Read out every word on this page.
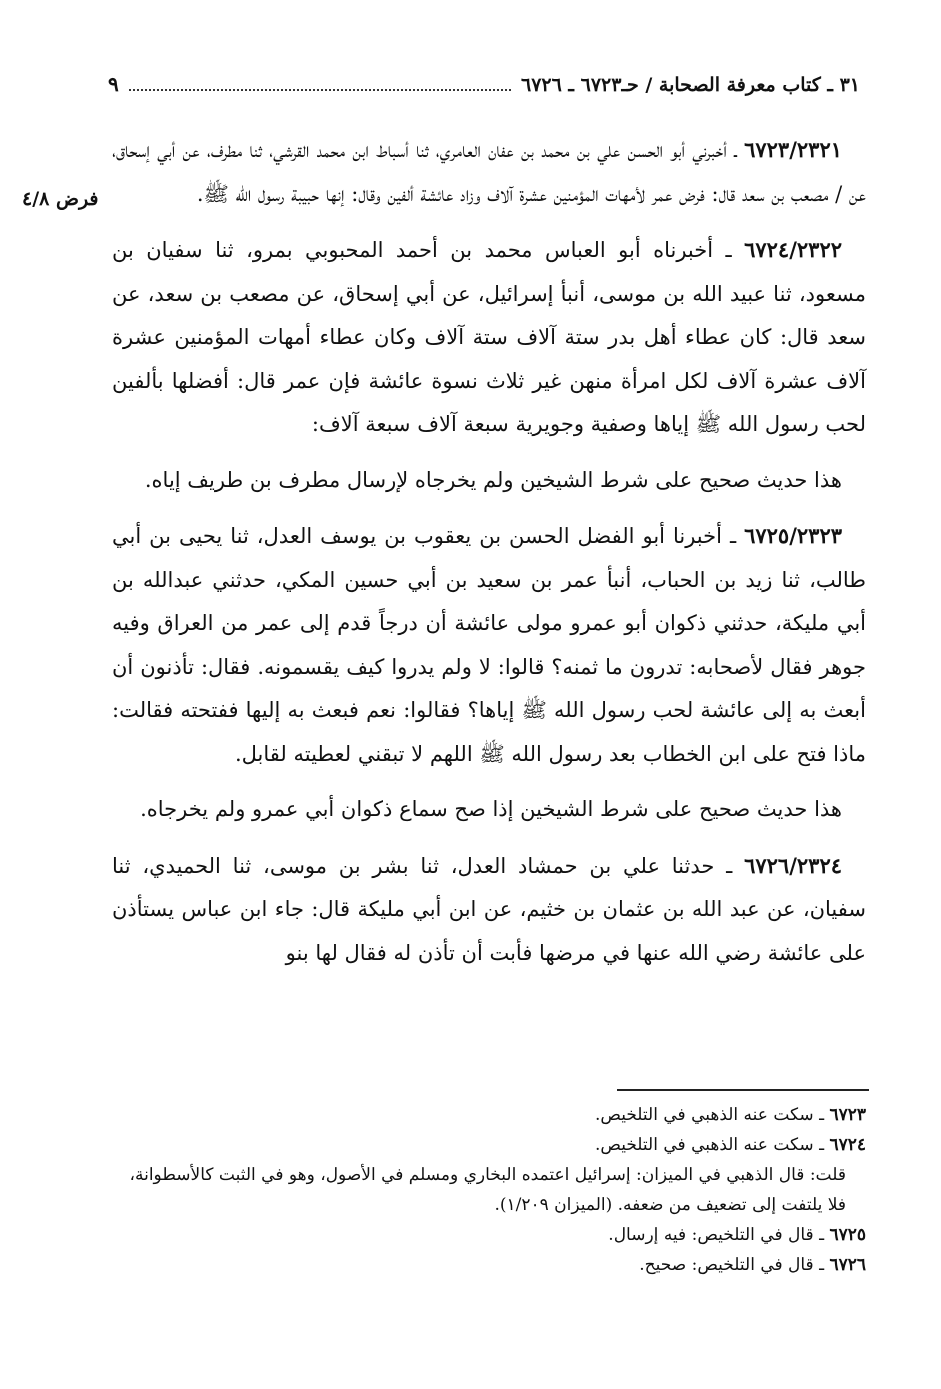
٣١ ـ كتاب معرفة الصحابة / حـ٦٧٢٣ ـ ٦٧٢٦
٩
فرض ٤/٨

٦٧٢٣/٢٣٢١ ـ أخبرني أبو الحسن علي بن محمد بن عفان العامري، ثنا أسباط ابن محمد القرشي، ثنا مطرف، عن أبي إسحاق، عن / مصعب بن سعد قال: فرض عمر لأمهات المؤمنين عشرة آلاف وزاد عائشة ألفين وقال: إنها حبيبة رسول الله ﷺ.

٦٧٢٤/٢٣٢٢ ـ أخبرناه أبو العباس محمد بن أحمد المحبوبي بمرو، ثنا سفيان بن مسعود، ثنا عبيد الله بن موسى، أنبأ إسرائيل، عن أبي إسحاق، عن مصعب بن سعد، عن سعد قال: كان عطاء أهل بدر ستة آلاف ستة آلاف وكان عطاء أمهات المؤمنين عشرة آلاف عشرة آلاف لكل امرأة منهن غير ثلاث نسوة عائشة فإن عمر قال: أفضلها بألفين لحب رسول الله ﷺ إياها وصفية وجويرية سبعة آلاف سبعة آلاف:

هذا حديث صحيح على شرط الشيخين ولم يخرجاه لإرسال مطرف بن طريف إياه.

٦٧٢٥/٢٣٢٣ ـ أخبرنا أبو الفضل الحسن بن يعقوب بن يوسف العدل، ثنا يحيى بن أبي طالب، ثنا زيد بن الحباب، أنبأ عمر بن سعيد بن أبي حسين المكي، حدثني عبدالله بن أبي مليكة، حدثني ذكوان أبو عمرو مولى عائشة أن درجاً قدم إلى عمر من العراق وفيه جوهر فقال لأصحابه: تدرون ما ثمنه؟ قالوا: لا ولم يدروا كيف يقسمونه. فقال: تأذنون أن أبعث به إلى عائشة لحب رسول الله ﷺ إياها؟ فقالوا: نعم فبعث به إليها ففتحته فقالت: ماذا فتح على ابن الخطاب بعد رسول الله ﷺ اللهم لا تبقني لعطيته لقابل.

هذا حديث صحيح على شرط الشيخين إذا صح سماع ذكوان أبي عمرو ولم يخرجاه.

٦٧٢٦/٢٣٢٤ ـ حدثنا علي بن حمشاد العدل، ثنا بشر بن موسى، ثنا الحميدي، ثنا سفيان، عن عبد الله بن عثمان بن خثيم، عن ابن أبي مليكة قال: جاء ابن عباس يستأذن على عائشة رضي الله عنها في مرضها فأبت أن تأذن له فقال لها بنو

٦٧٢٣ ـ سكت عنه الذهبي في التلخيص.

٦٧٢٤ ـ سكت عنه الذهبي في التلخيص.

قلت: قال الذهبي في الميزان: إسرائيل اعتمده البخاري ومسلم في الأصول، وهو في الثبت كالأسطوانة، فلا يلتفت إلى تضعيف من ضعفه. (الميزان ١/٢٠٩).

٦٧٢٥ ـ قال في التلخيص: فيه إرسال.

٦٧٢٦ ـ قال في التلخيص: صحيح.
